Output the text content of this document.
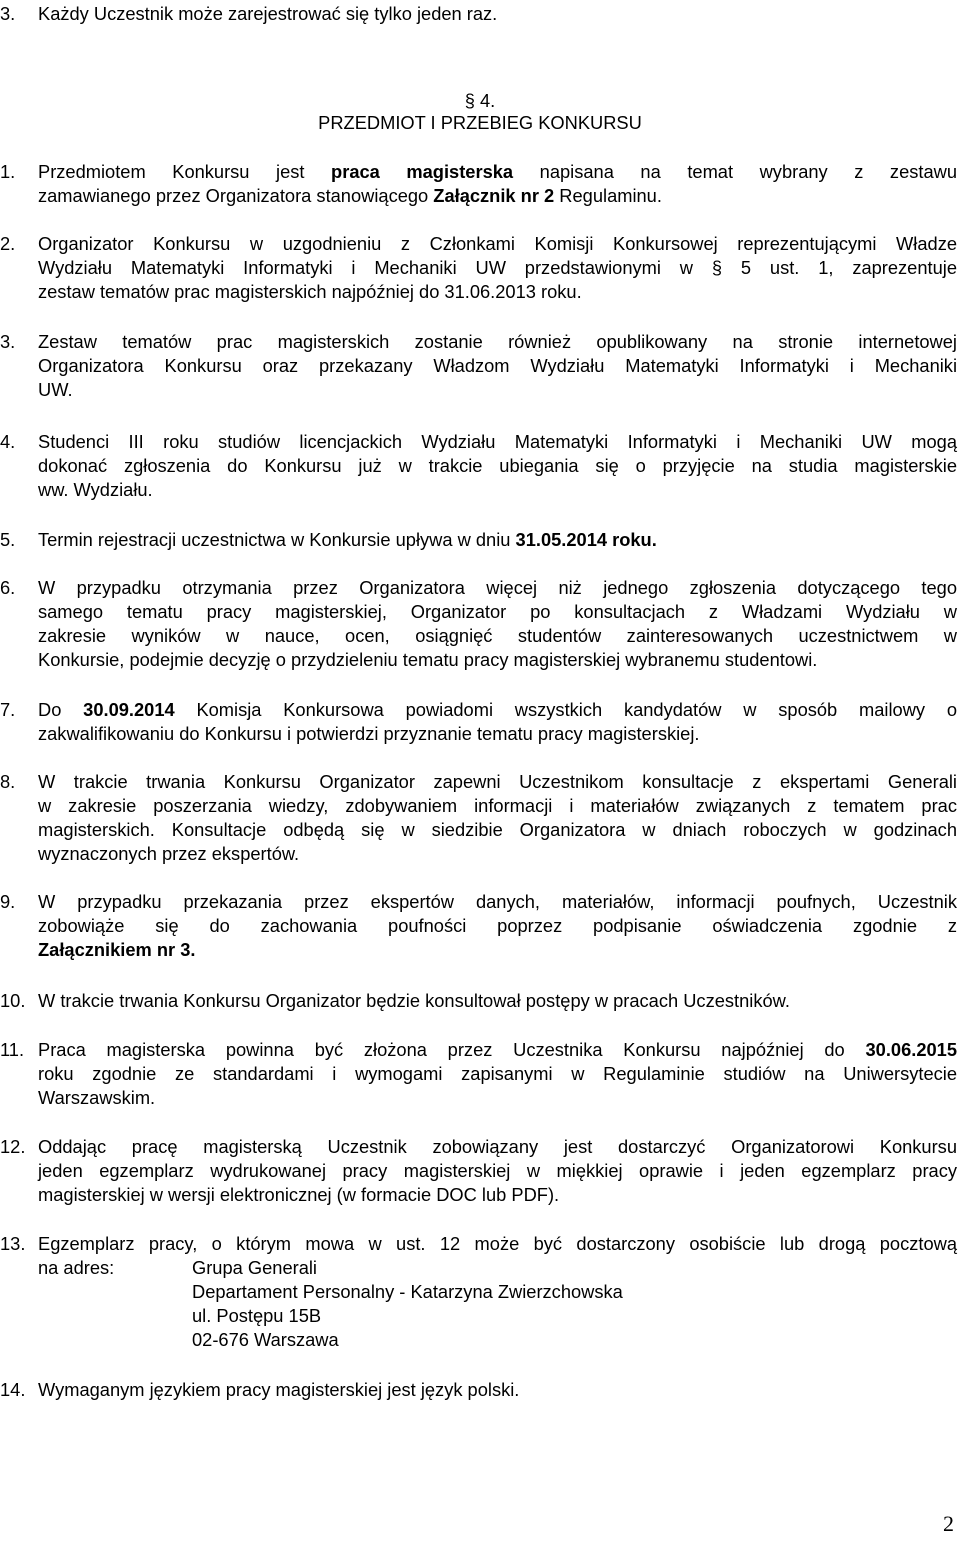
3. Każdy Uczestnik może zarejestrować się tylko jeden raz.
§ 4.
PRZEDMIOT I PRZEBIEG KONKURSU
1. Przedmiotem Konkursu jest praca magisterska napisana na temat wybrany z zestawu
zamawianego przez Organizatora stanowiącego Załącznik nr 2 Regulaminu.
2. Organizator Konkursu w uzgodnieniu z Członkami Komisji Konkursowej reprezentującymi Władze
Wydziału Matematyki Informatyki i Mechaniki UW przedstawionymi w § 5 ust. 1, zaprezentuje
zestaw tematów prac magisterskich najpóźniej do 31.06.2013 roku.
3. Zestaw tematów prac magisterskich zostanie również opublikowany na stronie internetowej
Organizatora Konkursu oraz przekazany Władzom Wydziału Matematyki Informatyki i Mechaniki
UW.
4. Studenci III roku studiów licencjackich Wydziału Matematyki Informatyki i Mechaniki UW mogą
dokonać zgłoszenia do Konkursu już w trakcie ubiegania się o przyjęcie na studia magisterskie
ww. Wydziału.
5. Termin rejestracji uczestnictwa w Konkursie upływa w dniu 31.05.2014 roku.
6. W przypadku otrzymania przez Organizatora więcej niż jednego zgłoszenia dotyczącego tego
samego tematu pracy magisterskiej, Organizator po konsultacjach z Władzami Wydziału w
zakresie wyników w nauce, ocen, osiągnięć studentów zainteresowanych uczestnictwem w
Konkursie, podejmie decyzję o przydzieleniu tematu pracy magisterskiej wybranemu studentowi.
7. Do 30.09.2014 Komisja Konkursowa powiadomi wszystkich kandydatów w sposób mailowy o
zakwalifikowaniu do Konkursu i potwierdzi przyznanie tematu pracy magisterskiej.
8. W trakcie trwania Konkursu Organizator zapewni Uczestnikom konsultacje z ekspertami Generali
w zakresie poszerzania wiedzy, zdobywaniem informacji i materiałów związanych z tematem prac
magisterskich. Konsultacje odbędą się w siedzibie Organizatora w dniach roboczych w godzinach
wyznaczonych przez ekspertów.
9. W przypadku przekazania przez ekspertów danych, materiałów, informacji poufnych, Uczestnik
zobowiąże się do zachowania poufności poprzez podpisanie oświadczenia zgodnie z
Załącznikiem nr 3.
10. W trakcie trwania Konkursu Organizator będzie konsultował postępy w pracach Uczestników.
11. Praca magisterska powinna być złożona przez Uczestnika Konkursu najpóźniej do 30.06.2015
roku zgodnie ze standardami i wymogami zapisanymi w Regulaminie studiów na Uniwersytecie
Warszawskim.
12. Oddając pracę magisterską Uczestnik zobowiązany jest dostarczyć Organizatorowi Konkursu
jeden egzemplarz wydrukowanej pracy magisterskiej w miękkiej oprawie i jeden egzemplarz pracy
magisterskiej w wersji elektronicznej (w formacie DOC lub PDF).
13. Egzemplarz pracy, o którym mowa w ust. 12 może być dostarczony osobiście lub drogą pocztową
na adres:	Grupa Generali
Departament Personalny - Katarzyna Zwierzchowska
ul. Postępu 15B
02-676 Warszawa
14. Wymaganym językiem pracy magisterskiej jest język polski.
2
